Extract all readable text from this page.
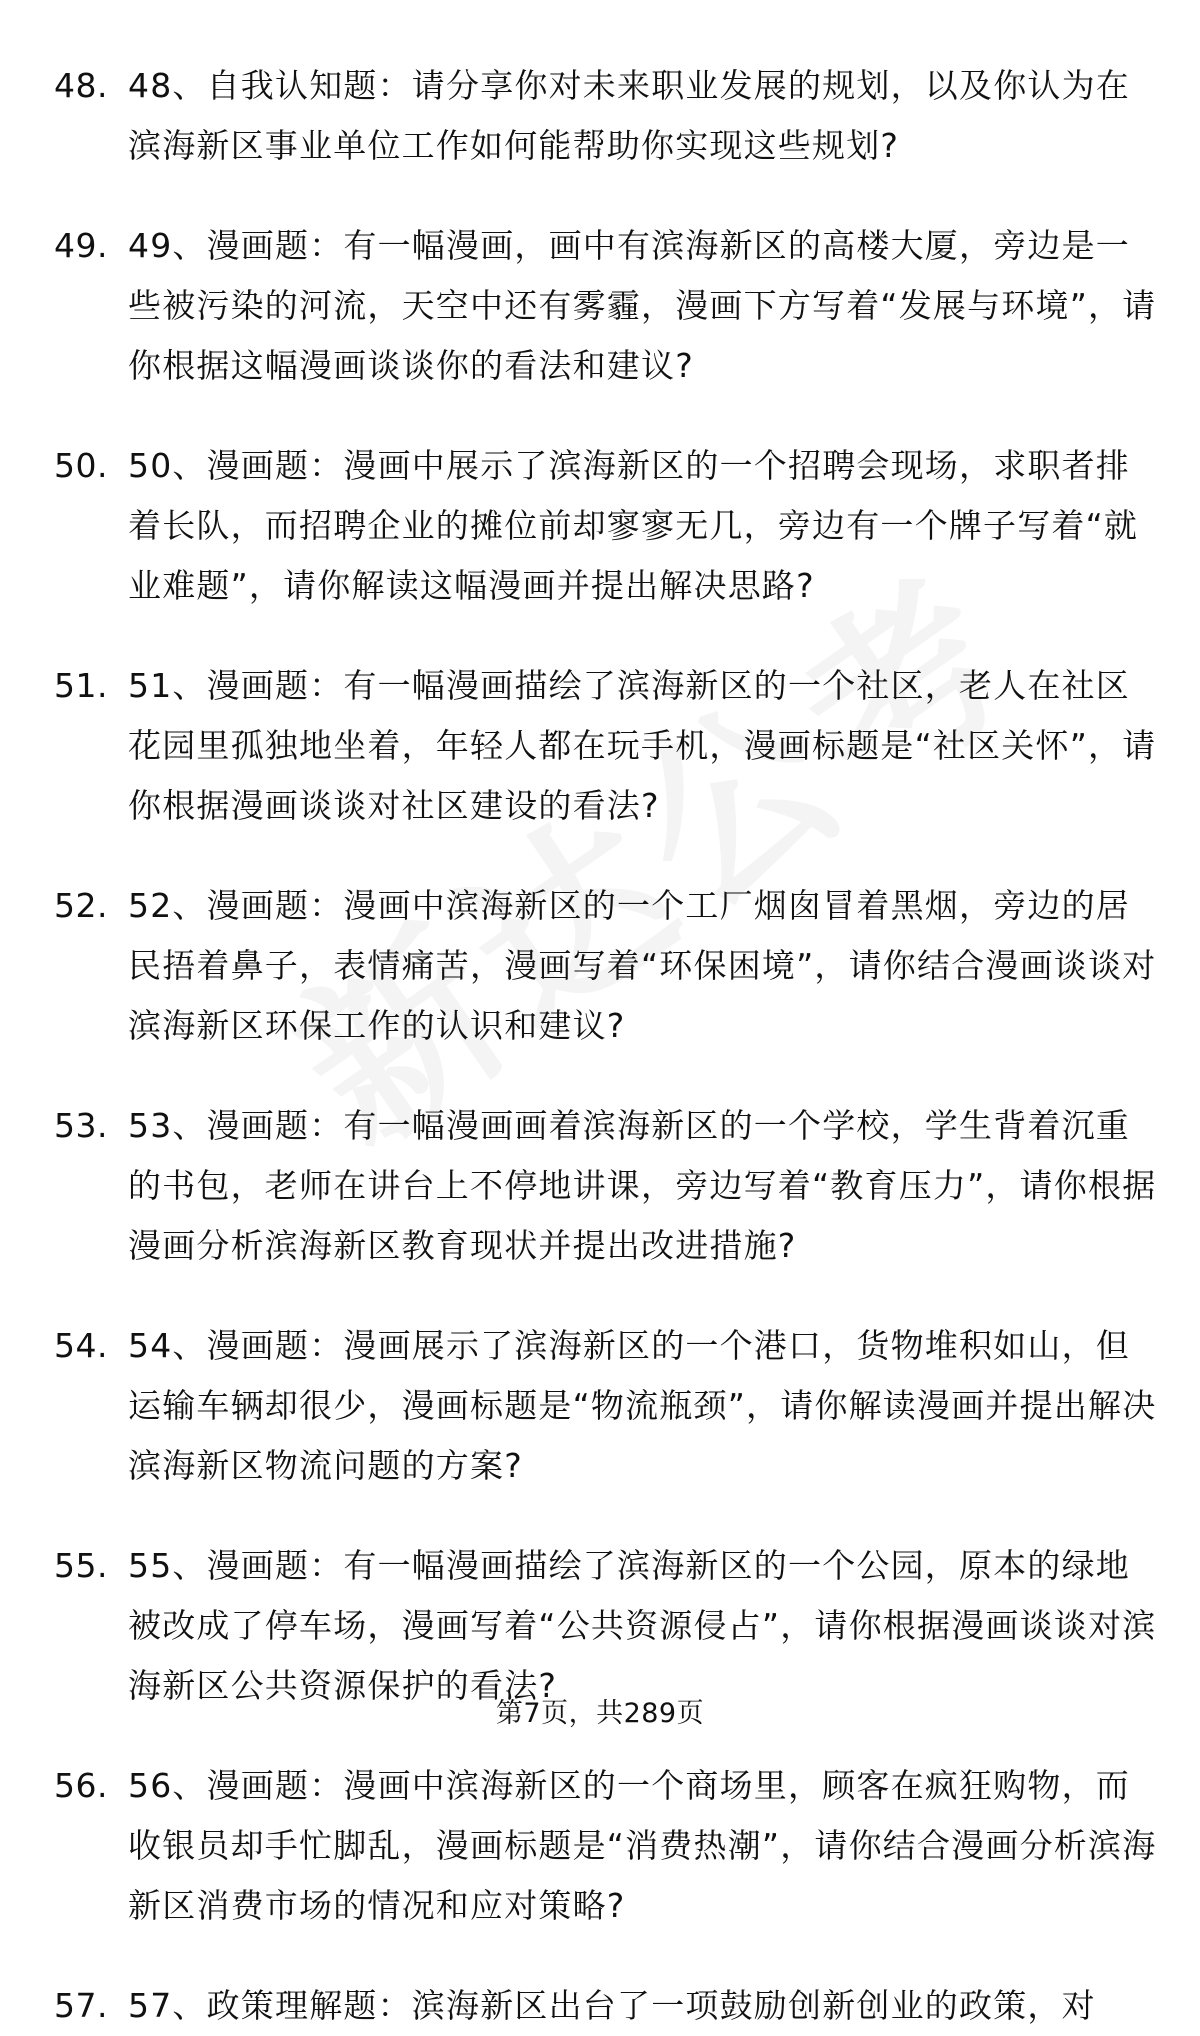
48. 48、自我认知题：请分享你对未来职业发展的规划，以及你认为在滨海新区事业单位工作如何能帮助你实现这些规划?
49. 49、漫画题：有一幅漫画，画中有滨海新区的高楼大厦，旁边是一些被污染的河流，天空中还有雾霾，漫画下方写着“发展与环境”，请你根据这幅漫画谈谈你的看法和建议?
50. 50、漫画题：漫画中展示了滨海新区的一个招聘会现场，求职者排着长队，而招聘企业的摊位前却寥寥无几，旁边有一个牌子写着“就业难题”，请你解读这幅漫画并提出解决思路?
51. 51、漫画题：有一幅漫画描绘了滨海新区的一个社区，老人在社区花园里孤独地坐着，年轻人都在玩手机，漫画标题是“社区关怀”，请你根据漫画谈谈对社区建设的看法?
52. 52、漫画题：漫画中滨海新区的一个工厂烟囱冒着黑烟，旁边的居民捂着鼻子，表情痛苦，漫画写着“环保困境”，请你结合漫画谈谈对滨海新区环保工作的认识和建议?
53. 53、漫画题：有一幅漫画画着滨海新区的一个学校，学生背着沉重的书包，老师在讲台上不停地讲课，旁边写着“教育压力”，请你根据漫画分析滨海新区教育现状并提出改进措施?
54. 54、漫画题：漫画展示了滨海新区的一个港口，货物堆积如山，但运输车辆却很少，漫画标题是“物流瓶颈”，请你解读漫画并提出解决滨海新区物流问题的方案?
55. 55、漫画题：有一幅漫画描绘了滨海新区的一个公园，原本的绿地被改成了停车场，漫画写着“公共资源侵占”，请你根据漫画谈谈对滨海新区公共资源保护的看法?
56. 56、漫画题：漫画中滨海新区的一个商场里，顾客在疯狂购物，而收银员却手忙脚乱，漫画标题是“消费热潮”，请你结合漫画分析滨海新区消费市场的情况和应对策略?
57. 57、政策理解题：滨海新区出台了一项鼓励创新创业的政策，对
第7页，共289页
